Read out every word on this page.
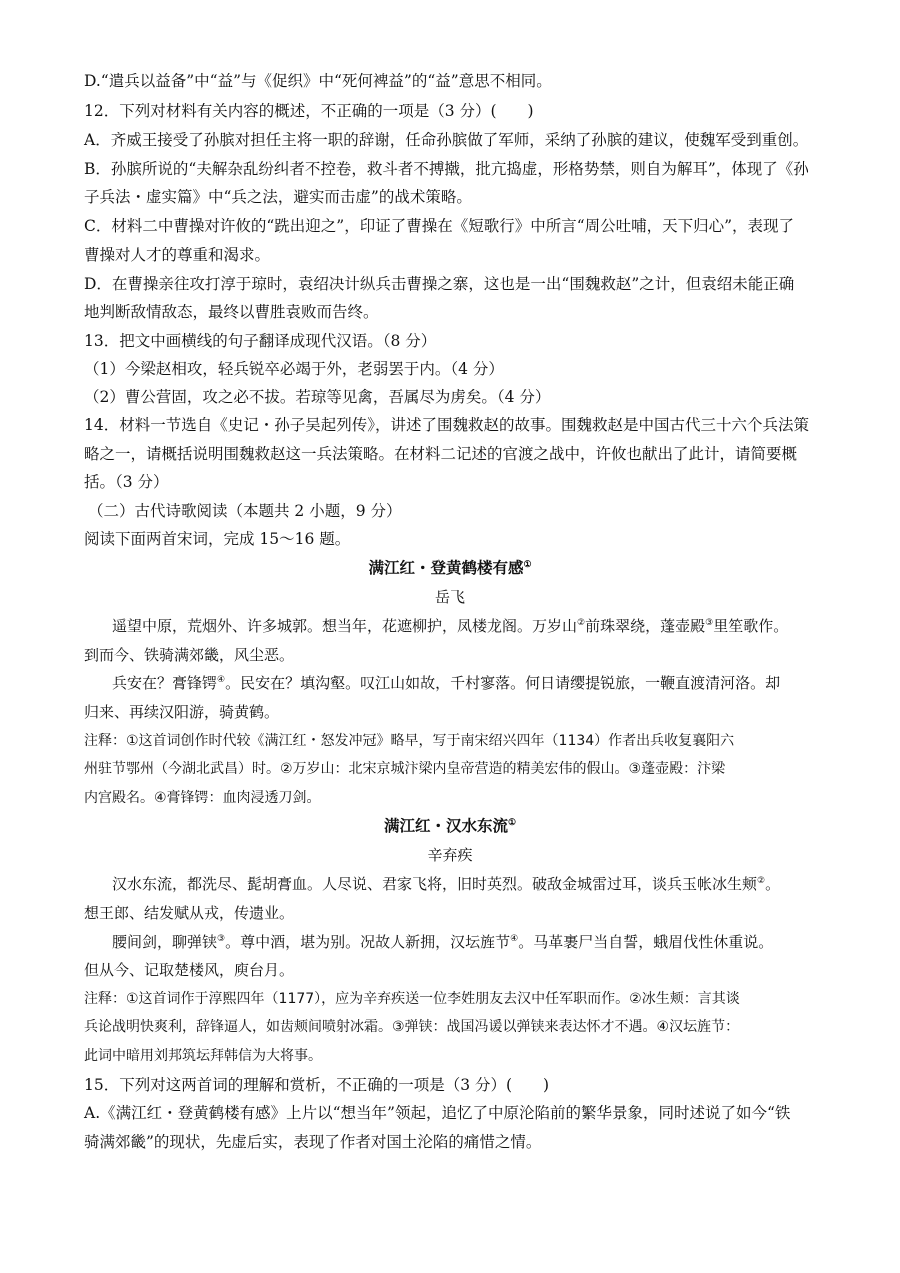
D.“遣兵以益备”中“益”与《促织》中“死何裨益”的“益”意思不相同。
12．下列对材料有关内容的概述，不正确的一项是（3 分）(　　)
A．齐威王接受了孙膑对担任主将一职的辞谢，任命孙膑做了军师，采纳了孙膑的建议，使魏军受到重创。
B．孙膑所说的“夫解杂乱纷纠者不控卷，救斗者不搏撠，批亢捣虚，形格势禁，则自为解耳”，体现了《孙
子兵法・虚实篇》中“兵之法，避实而击虚”的战术策略。
C．材料二中曹操对许攸的“跣出迎之”，印证了曹操在《短歌行》中所言“周公吐哺，天下归心”，表现了
曹操对人才的尊重和渴求。
D．在曹操亲往攻打淳于琼时，袁绍决计纵兵击曹操之寨，这也是一出“围魏救赵”之计，但袁绍未能正确
地判断敌情敌态，最终以曹胜袁败而告终。
13．把文中画横线的句子翻译成现代汉语。（8 分）
（1）今梁赵相攻，轻兵锐卒必竭于外，老弱罢于内。（4 分）
（2）曹公营固，攻之必不拔。若琼等见禽，吾属尽为虏矣。（4 分）
14．材料一节选自《史记・孙子吴起列传》，讲述了围魏救赵的故事。围魏救赵是中国古代三十六个兵法策
略之一，请概括说明围魏救赵这一兵法策略。在材料二记述的官渡之战中，许攸也献出了此计，请简要概
括。（3 分）
（二）古代诗歌阅读（本题共 2 小题，9 分）
阅读下面两首宋词，完成 15～16 题。
满江红・登黄鹤楼有感①
岳飞
遥望中原，荒烟外、许多城郭。想当年，花遮柳护，凤楼龙阁。万岁山②前珠翠绕，蓬壶殿③里笙歌作。
到而今、铁骑满郊畿，风尘恶。
兵安在？膏锋锷④。民安在？填沟壑。叹江山如故，千村寥落。何日请缨提锐旅，一鞭直渡清河洛。却
归来、再续汉阳游，骑黄鹤。
注释：①这首词创作时代较《满江红・怒发冲冠》略早，写于南宋绍兴四年（1134）作者出兵收复襄阳六
州驻节鄂州（今湖北武昌）时。②万岁山：北宋京城汴梁内皇帝营造的精美宏伟的假山。③蓬壶殿：汴梁
内宫殿名。④膏锋锷：血肉浸透刀剑。
满江红・汉水东流①
辛弃疾
汉水东流，都洗尽、髭胡膏血。人尽说、君家飞将，旧时英烈。破敌金城雷过耳，谈兵玉帐冰生颊②。
想王郎、结发赋从戎，传遗业。
腰间剑，聊弹铗③。尊中酒，堪为别。况故人新拥，汉坛旌节④。马革裹尸当自誓，蛾眉伐性休重说。
但从今、记取楚楼风，庾台月。
注释：①这首词作于淳熙四年（1177），应为辛弃疾送一位李姓朋友去汉中任军职而作。②冰生颊：言其谈
兵论战明快爽利，辞锋逼人，如齿颊间喷射冰霜。③弹铗：战国冯谖以弹铗来表达怀才不遇。④汉坛旌节：
此词中暗用刘邦筑坛拜韩信为大将事。
15．下列对这两首词的理解和赏析，不正确的一项是（3 分）(　　)
A.《满江红・登黄鹤楼有感》上片以“想当年”领起，追忆了中原沦陷前的繁华景象，同时述说了如今“铁
骑满郊畿”的现状，先虚后实，表现了作者对国土沦陷的痛惜之情。
